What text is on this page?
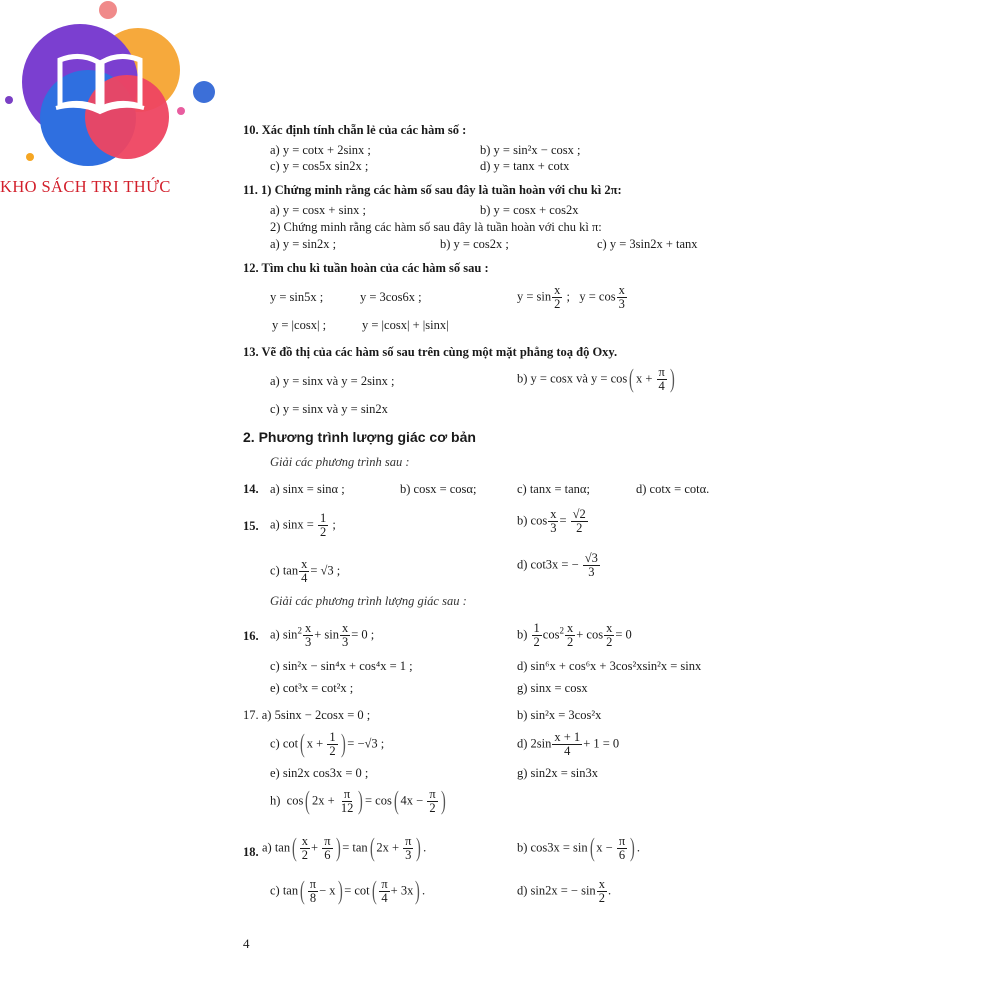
KHO SÁCH TRI THỨC
10. Xác định tính chẵn lẻ của các hàm số :
a) y = cotx + 2sinx ;	b) y = sin²x − cosx ;
c) y = cos5x sin2x ;	d) y = tanx + cotx
11. 1) Chứng minh rằng các hàm số sau đây là tuần hoàn với chu kì 2π:
a) y = cosx + sinx ;	b) y = cosx + cos2x
2) Chứng minh rằng các hàm số sau đây là tuần hoàn với chu kì π:
a) y = sin2x ;	b) y = cos2x ;	c) y = 3sin2x + tanx
12. Tìm chu kì tuần hoàn của các hàm số sau :
y = sin5x ;	y = 3cos6x ;	$y = \sin \frac{x}{2}$ ;   $y = \cos \frac{x}{3}$
y = |cosx| ;	y = |cosx| + |sinx|
13. Vẽ đồ thị của các hàm số sau trên cùng một mặt phẳng toạ độ Oxy.
a) y = sinx và y = 2sinx ;	b) y = cosx và y = cos( $x + \frac{\pi}{4}$ )
c) y = sinx và y = sin2x
2. Phương trình lượng giác cơ bản
Giải các phương trình sau :
14. a) sinx = sinα ;	b) cosx = cosα;	c) tanx = tanα;	d) cotx = cotα.
15. a) $\sin x = \frac{1}{2}$ ;	b) $\cos \frac{x}{3} = \frac{√2}{2}$
c) $\tan \frac{x}{4} = √3$ ;	d) cot3x = − $\frac{√3}{3}$
Giải các phương trình lượng giác sau :
16. a) $\sin^2 \frac{x}{3} + \sin \frac{x}{3} = 0$ ;	$b) \frac{1}{2} \cos^2 \frac{x}{2} + \cos \frac{x}{2} = 0$
c) sin²x − sin⁴x + cos⁴x = 1 ;	d) sin⁶x + cos⁶x + 3cos²xsin²x = sinx
e) cot³x = cot²x ;	g) sinx = cosx
17. a) 5sinx − 2cosx = 0 ;	b) sin²x = 3cos²x
c) cot( $x + \frac{1}{2}$ ) = −√3 ;	d) $2\sin \frac{x + 1}{4} + 1 = 0$
e) sin2x cos3x = 0 ;	g) sin2x = sin3x
h)  cos( $2x + \frac{\pi}{12}$ ) = cos( $4x - \frac{\pi}{2}$ )
18. a) $\tan( \frac{x}{2} + \frac{\pi}{6}$ ) = tan( $2x + \frac{\pi}{3}$ ) .	b) cos3x = sin( $x - \frac{\pi}{6}$ ) .
c) $\tan( \frac{\pi}{8} - x) = \cot( \frac{\pi}{4} + 3x)$ .	d) sin2x = − $\sin \frac{x}{2}$ .
4
